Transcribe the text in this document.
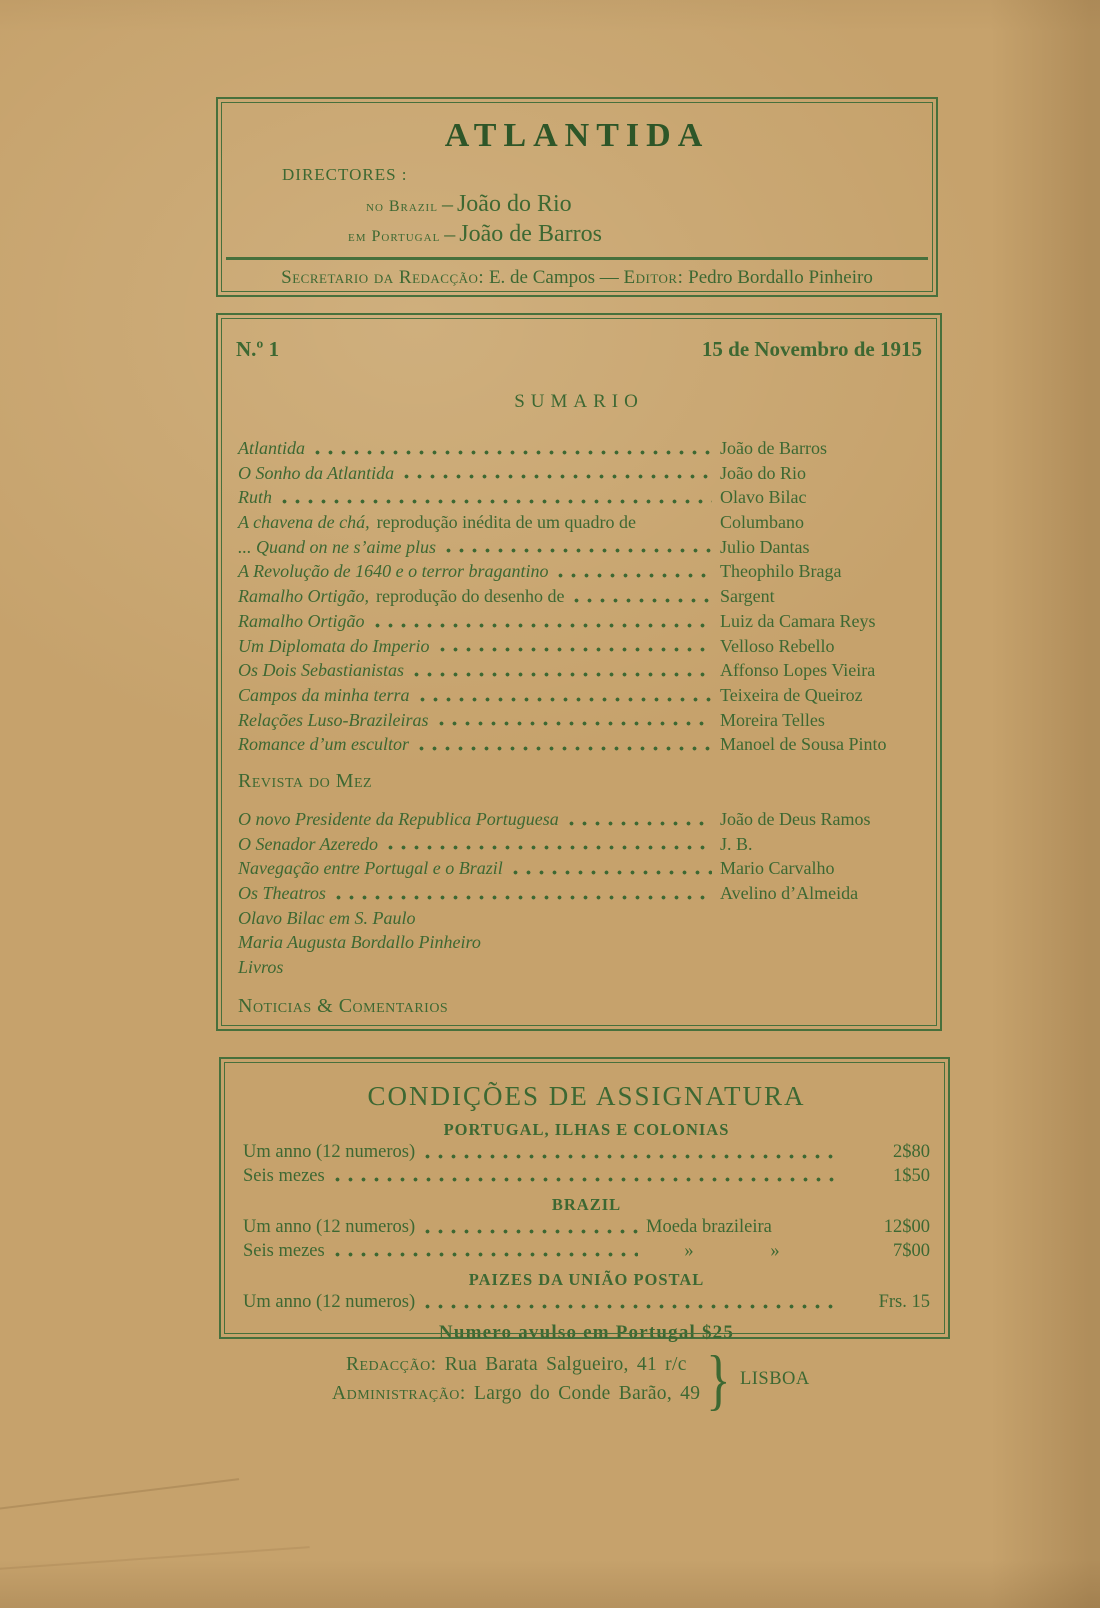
ATLANTIDA
DIRECTORES :
no Brazil – João do Rio
em Portugal – João de Barros
Secretario da Redacção: E. de Campos — Editor: Pedro Bordallo Pinheiro
N.º 1	15 de Novembro de 1915
SUMARIO
Atlantida	João de Barros
O Sonho da Atlantida	João do Rio
Ruth	Olavo Bilac
A chavena de chá, reprodução inédita de um quadro de	Columbano
... Quand on ne s’aime plus	Julio Dantas
A Revolução de 1640 e o terror bragantino	Theophilo Braga
Ramalho Ortigão, reprodução do desenho de	Sargent
Ramalho Ortigão	Luiz da Camara Reys
Um Diplomata do Imperio	Velloso Rebello
Os Dois Sebastianistas	Affonso Lopes Vieira
Campos da minha terra	Teixeira de Queiroz
Relações Luso-Brazileiras	Moreira Telles
Romance d’um escultor	Manoel de Sousa Pinto
Revista do Mez
O novo Presidente da Republica Portuguesa	João de Deus Ramos
O Senador Azeredo	J. B.
Navegação entre Portugal e o Brazil	Mario Carvalho
Os Theatros	Avelino d’Almeida
Olavo Bilac em S. Paulo
Maria Augusta Bordallo Pinheiro
Livros
Noticias & Comentarios
CONDIÇÕES DE ASSIGNATURA
PORTUGAL, ILHAS E COLONIAS
Um anno (12 numeros)	2$80
Seis mezes	1$50
BRAZIL
Um anno (12 numeros)	Moeda brazileira	12$00
Seis mezes	»	»	7$00
PAIZES DA UNIÃO POSTAL
Um anno (12 numeros)	Frs. 15
Numero avulso em Portugal $25
Redacção: Rua Barata Salgueiro, 41 r/c
Administração: Largo do Conde Barão, 49 } LISBOA
